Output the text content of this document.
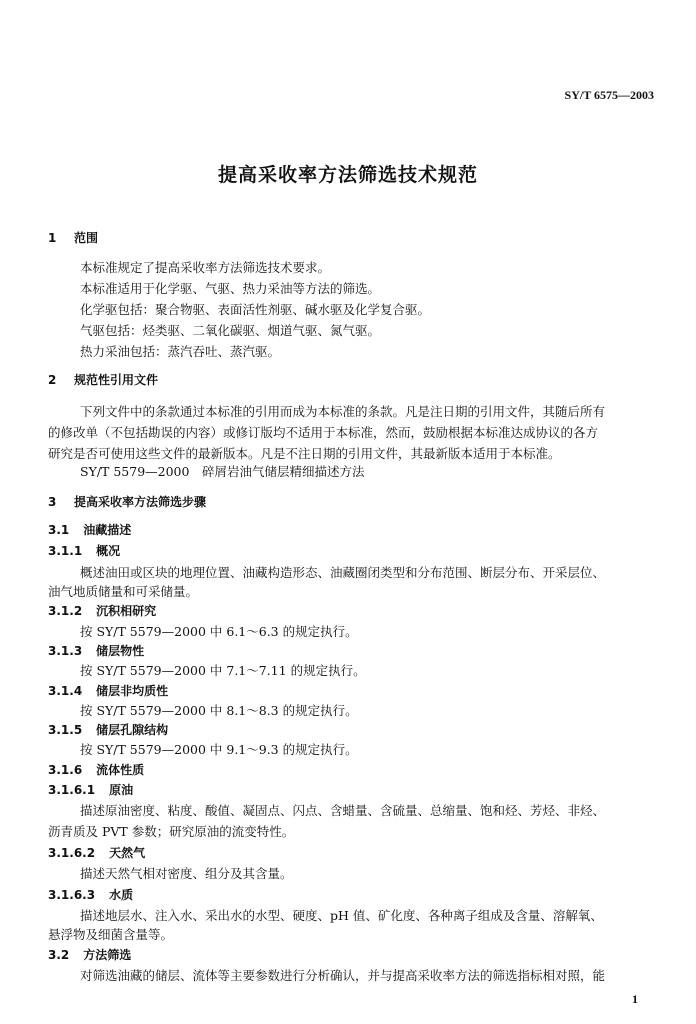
SY/T 6575—2003
提高采收率方法筛选技术规范
1 范围
本标准规定了提高采收率方法筛选技术要求。
本标准适用于化学驱、气驱、热力采油等方法的筛选。
化学驱包括：聚合物驱、表面活性剂驱、碱水驱及化学复合驱。
气驱包括：烃类驱、二氧化碳驱、烟道气驱、氮气驱。
热力采油包括：蒸汽吞吐、蒸汽驱。
2 规范性引用文件
下列文件中的条款通过本标准的引用而成为本标准的条款。凡是注日期的引用文件，其随后所有
的修改单（不包括勘误的内容）或修订版均不适用于本标准，然而，鼓励根据本标准达成协议的各方
研究是否可使用这些文件的最新版本。凡是不注日期的引用文件，其最新版本适用于本标准。
SY/T 5579—2000　碎屑岩油气储层精细描述方法
3 提高采收率方法筛选步骤
3.1 油藏描述
3.1.1 概况
概述油田或区块的地理位置、油藏构造形态、油藏圈闭类型和分布范围、断层分布、开采层位、
油气地质储量和可采储量。
3.1.2 沉积相研究
按 SY/T 5579—2000 中 6.1～6.3 的规定执行。
3.1.3 储层物性
按 SY/T 5579—2000 中 7.1～7.11 的规定执行。
3.1.4 储层非均质性
按 SY/T 5579—2000 中 8.1～8.3 的规定执行。
3.1.5 储层孔隙结构
按 SY/T 5579—2000 中 9.1～9.3 的规定执行。
3.1.6 流体性质
3.1.6.1 原油
描述原油密度、粘度、酸值、凝固点、闪点、含蜡量、含硫量、总缩量、饱和烃、芳烃、非烃、
沥青质及 PVT 参数；研究原油的流变特性。
3.1.6.2 天然气
描述天然气相对密度、组分及其含量。
3.1.6.3 水质
描述地层水、注入水、采出水的水型、硬度、pH 值、矿化度、各种离子组成及含量、溶解氧、
悬浮物及细菌含量等。
3.2 方法筛选
对筛选油藏的储层、流体等主要参数进行分析确认，并与提高采收率方法的筛选指标相对照，能
1
